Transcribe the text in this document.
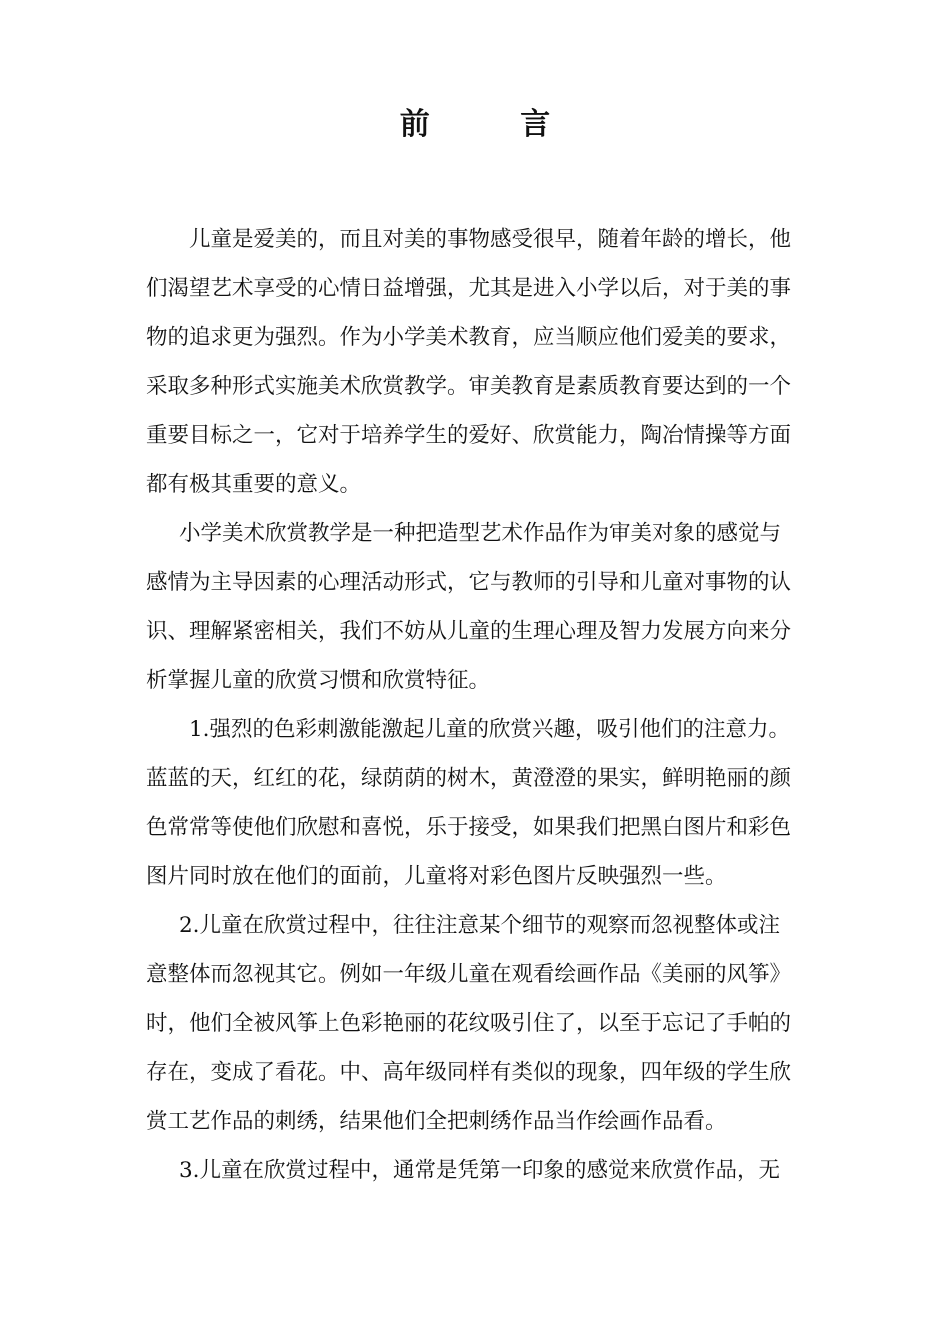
前 言
儿童是爱美的，而且对美的事物感受很早，随着年龄的增长，他
们渴望艺术享受的心情日益增强，尤其是进入小学以后，对于美的事
物的追求更为强烈。作为小学美术教育，应当顺应他们爱美的要求，
采取多种形式实施美术欣赏教学。审美教育是素质教育要达到的一个
重要目标之一，它对于培养学生的爱好、欣赏能力，陶冶情操等方面
都有极其重要的意义。
小学美术欣赏教学是一种把造型艺术作品作为审美对象的感觉与
感情为主导因素的心理活动形式，它与教师的引导和儿童对事物的认
识、理解紧密相关，我们不妨从儿童的生理心理及智力发展方向来分
析掌握儿童的欣赏习惯和欣赏特征。
1.强烈的色彩刺激能激起儿童的欣赏兴趣，吸引他们的注意力。
蓝蓝的天，红红的花，绿荫荫的树木，黄澄澄的果实，鲜明艳丽的颜
色常常等使他们欣慰和喜悦，乐于接受，如果我们把黑白图片和彩色
图片同时放在他们的面前，儿童将对彩色图片反映强烈一些。
2.儿童在欣赏过程中，往往注意某个细节的观察而忽视整体或注
意整体而忽视其它。例如一年级儿童在观看绘画作品《美丽的风筝》
时，他们全被风筝上色彩艳丽的花纹吸引住了，以至于忘记了手帕的
存在，变成了看花。中、高年级同样有类似的现象，四年级的学生欣
赏工艺作品的刺绣，结果他们全把刺绣作品当作绘画作品看。
3.儿童在欣赏过程中，通常是凭第一印象的感觉来欣赏作品，无
